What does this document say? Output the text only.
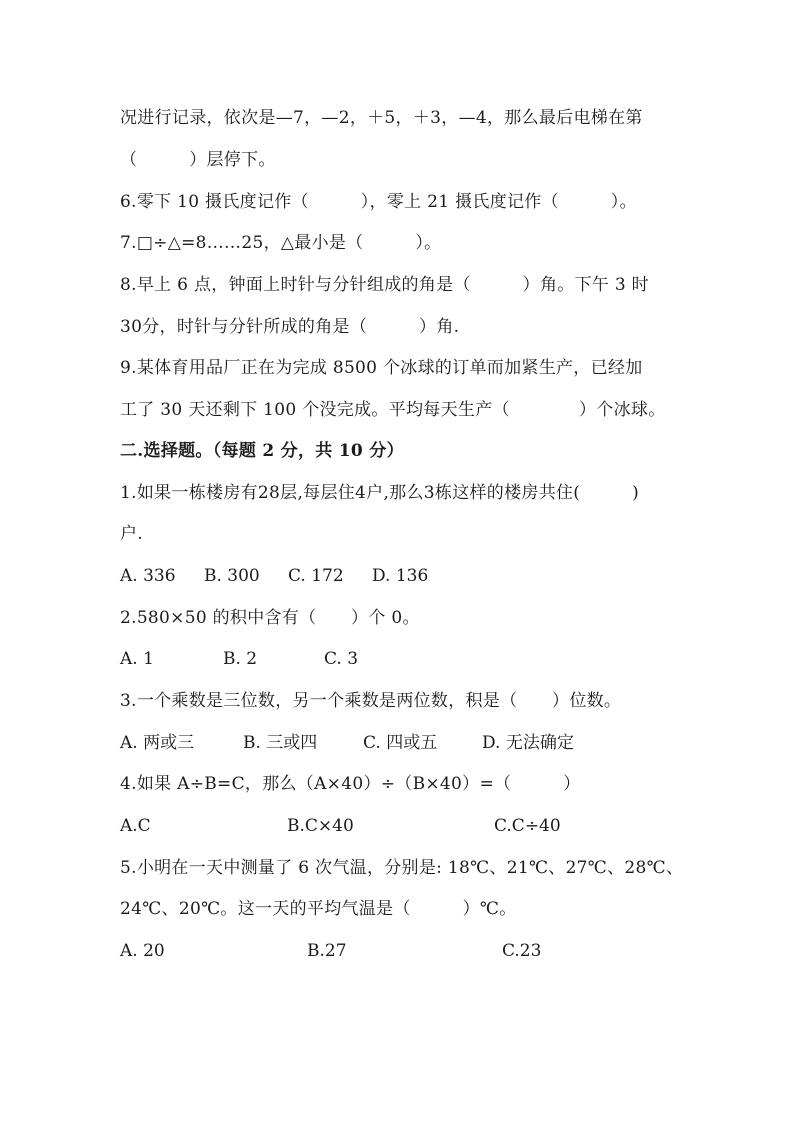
况进行记录，依次是—7，—2，＋5，＋3，—4，那么最后电梯在第
（　　　）层停下。
6.零下 10 摄氏度记作（　　　），零上 21 摄氏度记作（　　　）。
7.□÷△=8……25，△最小是（　　　）。
8.早上 6 点，钟面上时针与分针组成的角是（　　　）角。下午 3 时
30分，时针与分针所成的角是（　　　）角.
9.某体育用品厂正在为完成 8500 个冰球的订单而加紧生产，已经加
工了 30 天还剩下 100 个没完成。平均每天生产（　　　　）个冰球。
二.选择题。（每题 2 分，共 10 分）
1.如果一栋楼房有28层,每层住4户,那么3栋这样的楼房共住(　　　)
户.
A. 336 B. 300 C. 172 D. 136
2.580×50 的积中含有（　　）个 0。
A. 1	B. 2	C. 3
3.一个乘数是三位数，另一个乘数是两位数，积是（　　）位数。
A. 两或三	B. 三或四	C. 四或五	D. 无法确定
4.如果 A÷B=C，那么（A×40）÷（B×40）=（　　　）
A.C	B.C×40	C.C÷40
5.小明在一天中测量了 6 次气温，分别是: 18℃、21℃、27℃、28℃、
24℃、20℃。这一天的平均气温是（　　　）℃。
A. 20	B.27	C.23
